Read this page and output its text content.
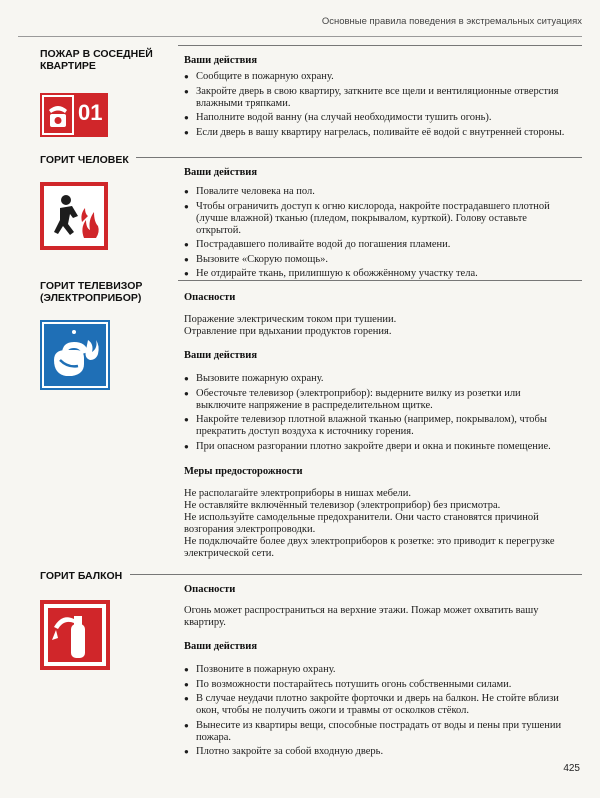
Основные правила поведения в экстремальных ситуациях
ПОЖАР В СОСЕДНЕЙ КВАРТИРЕ
01
Ваши действия
● Сообщите в пожарную охрану.
● Закройте дверь в свою квартиру, заткните все щели и вентиляционные отверстия влажными тряпками.
● Наполните водой ванну (на случай необходимости тушить огонь).
● Если дверь в вашу квартиру нагрелась, поливайте её водой с внутренней стороны.
ГОРИТ ЧЕЛОВЕК
Ваши действия
● Повалите человека на пол.
● Чтобы ограничить доступ к огню кислорода, накройте пострадавшего плотной (лучше влажной) тканью (пледом, покрывалом, курткой). Голову оставьте открытой.
● Пострадавшего поливайте водой до погашения пламени.
● Вызовите «Скорую помощь».
● Не отдирайте ткань, прилипшую к обожжённому участку тела.
ГОРИТ ТЕЛЕВИЗОР (ЭЛЕКТРОПРИБОР)	Опасности

Поражение электрическим током при тушении.

Отравление при вдыхании продуктов горения.

Ваши действия
● Вызовите пожарную охрану.
● Обесточьте телевизор (электроприбор): выдерните вилку из розетки или выключите напряжение в распределительном щитке.
● Накройте телевизор плотной влажной тканью (например, покрывалом), чтобы прекратить доступ воздуха к источнику горения.
● При опасном разгорании плотно закройте двери и окна и покиньте помещение.
Меры предосторожности

Не располагайте электроприборы в нишах мебели.

Не оставляйте включённый телевизор (электроприбор) без присмотра.

Не используйте самодельные предохранители. Они часто становятся причиной возгорания электропроводки.

Не подключайте более двух электроприборов к розетке: это приводит к перегрузке электрической сети.

ГОРИТ БАЛКОН
Опасности

Огонь может распространиться на верхние этажи. Пожар может охватить вашу квартиру.

Ваши действия
● Позвоните в пожарную охрану.
● По возможности постарайтесь потушить огонь собственными силами.
● В случае неудачи плотно закройте форточки и дверь на балкон. Не стойте вблизи окон, чтобы не получить ожоги и травмы от осколков стёкол.
● Вынесите из квартиры вещи, способные пострадать от воды и пены при тушении пожара.
● Плотно закройте за собой входную дверь.
425
